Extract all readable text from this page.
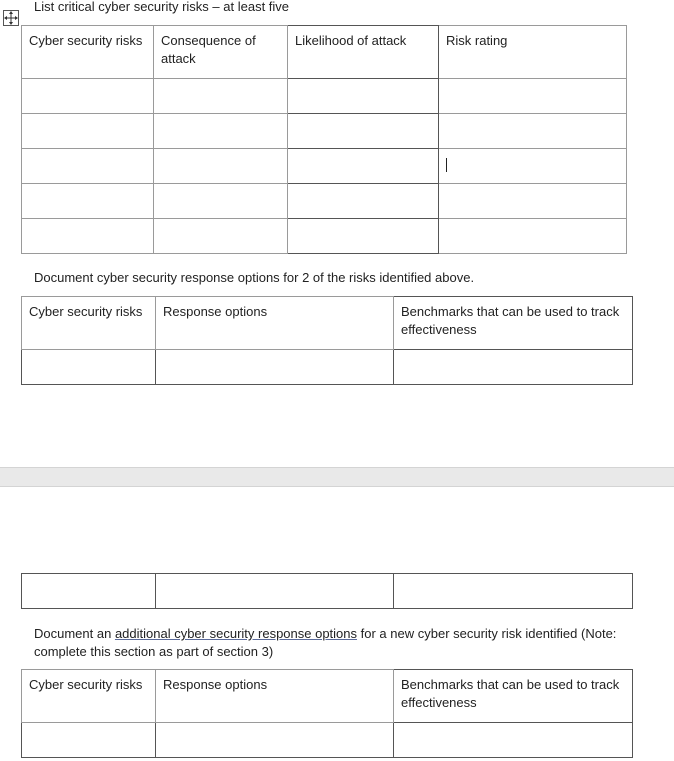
List critical cyber security risks – at least five
Cyber security risks	Consequence of attack	Likelihood of attack	Risk rating

Document cyber security response options for 2 of the risks identified above.
Cyber security risks	Response options	Benchmarks that can be used to track effectiveness

Document an additional cyber security response options for a new cyber security risk identified (Note: complete this section as part of section 3)
Cyber security risks	Response options	Benchmarks that can be used to track effectiveness
